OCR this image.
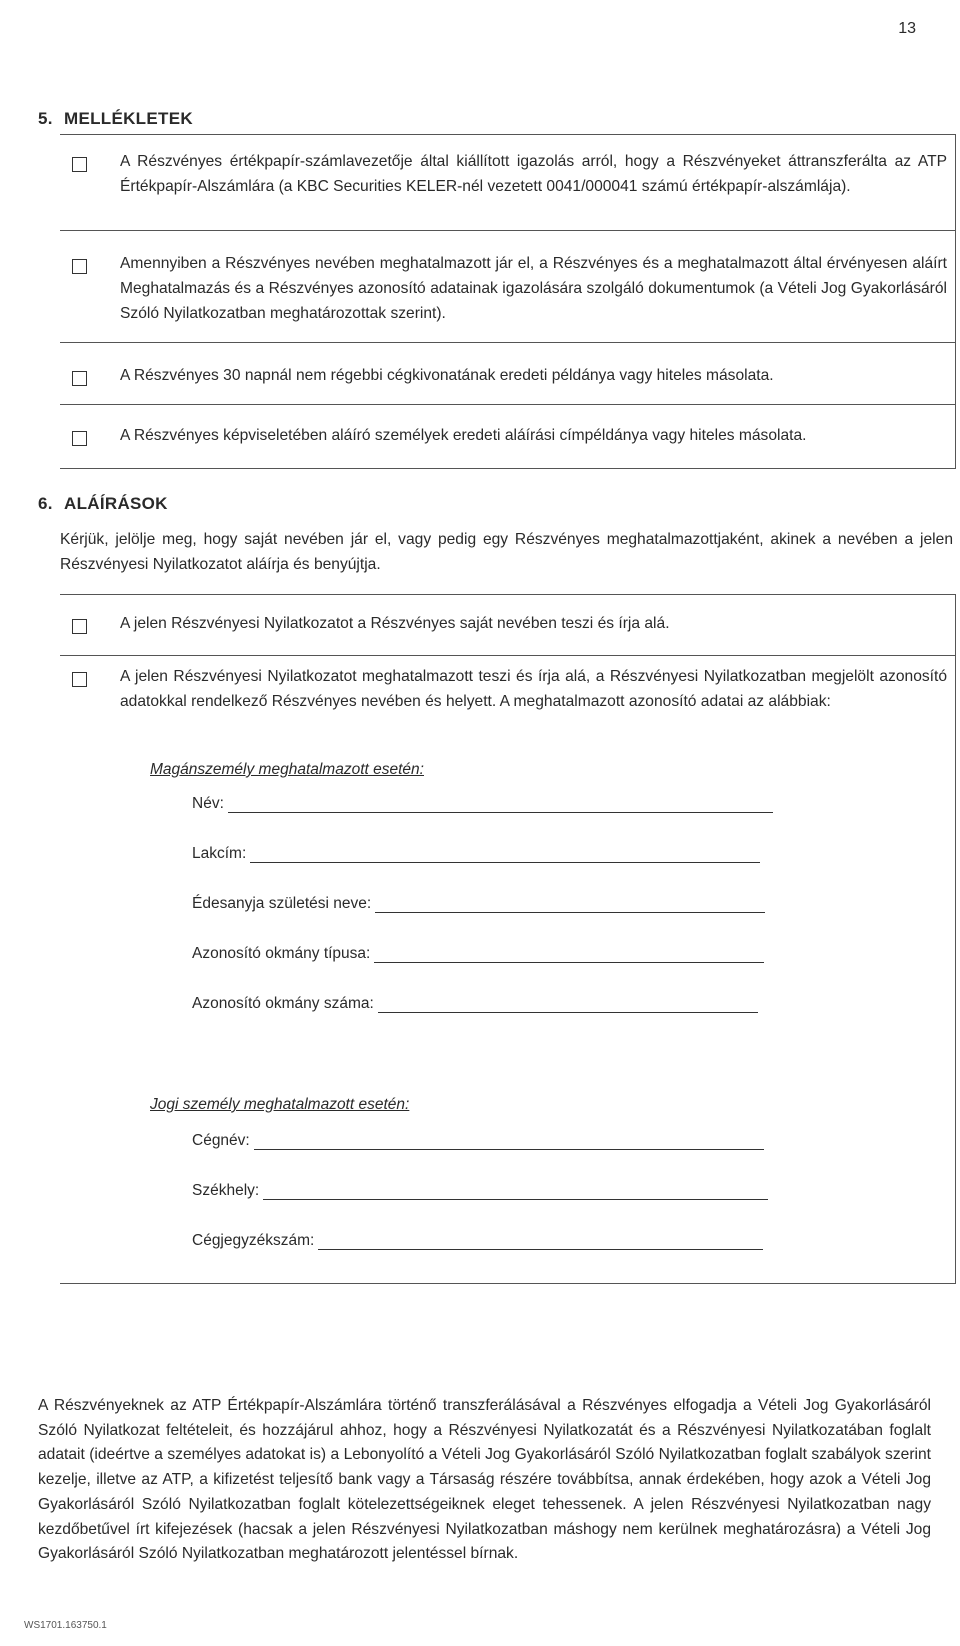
13
5. MELLÉKLETEK
A Részvényes értékpapír-számlavezetője által kiállított igazolás arról, hogy a Részvényeket áttranszferálta az ATP Értékpapír-Alszámlára (a KBC Securities KELER-nél vezetett 0041/000041 számú értékpapír-alszámlája).
Amennyiben a Részvényes nevében meghatalmazott jár el, a Részvényes és a meghatalmazott által érvényesen aláírt Meghatalmazás és a Részvényes azonosító adatainak igazolására szolgáló dokumentumok (a Vételi Jog Gyakorlásáról Szóló Nyilatkozatban meghatározottak szerint).
A Részvényes 30 napnál nem régebbi cégkivonatának eredeti példánya vagy hiteles másolata.
A Részvényes képviseletében aláíró személyek eredeti aláírási címpéldánya vagy hiteles másolata.
6. ALÁÍRÁSOK
Kérjük, jelölje meg, hogy saját nevében jár el, vagy pedig egy Részvényes meghatalmazottjaként, akinek a nevében a jelen Részvényesi Nyilatkozatot aláírja és benyújtja.
A jelen Részvényesi Nyilatkozatot a Részvényes saját nevében teszi és írja alá.
A jelen Részvényesi Nyilatkozatot meghatalmazott teszi és írja alá, a Részvényesi Nyilatkozatban megjelölt azonosító adatokkal rendelkező Részvényes nevében és helyett. A meghatalmazott azonosító adatai az alábbiak:
Magánszemély meghatalmazott esetén:
Név:
Lakcím:
Édesanyja születési neve:
Azonosító okmány típusa:
Azonosító okmány száma:
Jogi személy meghatalmazott esetén:
Cégnév:
Székhely:
Cégjegyzékszám:
A Részvényeknek az ATP Értékpapír-Alszámlára történő transzferálásával a Részvényes elfogadja a Vételi Jog Gyakorlásáról Szóló Nyilatkozat feltételeit, és hozzájárul ahhoz, hogy a Részvényesi Nyilatkozatát és a Részvényesi Nyilatkozatában foglalt adatait (ideértve a személyes adatokat is) a Lebonyolító a Vételi Jog Gyakorlásáról Szóló Nyilatkozatban foglalt szabályok szerint kezelje, illetve az ATP, a kifizetést teljesítő bank vagy a Társaság részére továbbítsa, annak érdekében, hogy azok a Vételi Jog Gyakorlásáról Szóló Nyilatkozatban foglalt kötelezettségeiknek eleget tehessenek. A jelen Részvényesi Nyilatkozatban nagy kezdőbetűvel írt kifejezések (hacsak a jelen Részvényesi Nyilatkozatban máshogy nem kerülnek meghatározásra) a Vételi Jog Gyakorlásáról Szóló Nyilatkozatban meghatározott jelentéssel bírnak.
WS1701.163750.1
